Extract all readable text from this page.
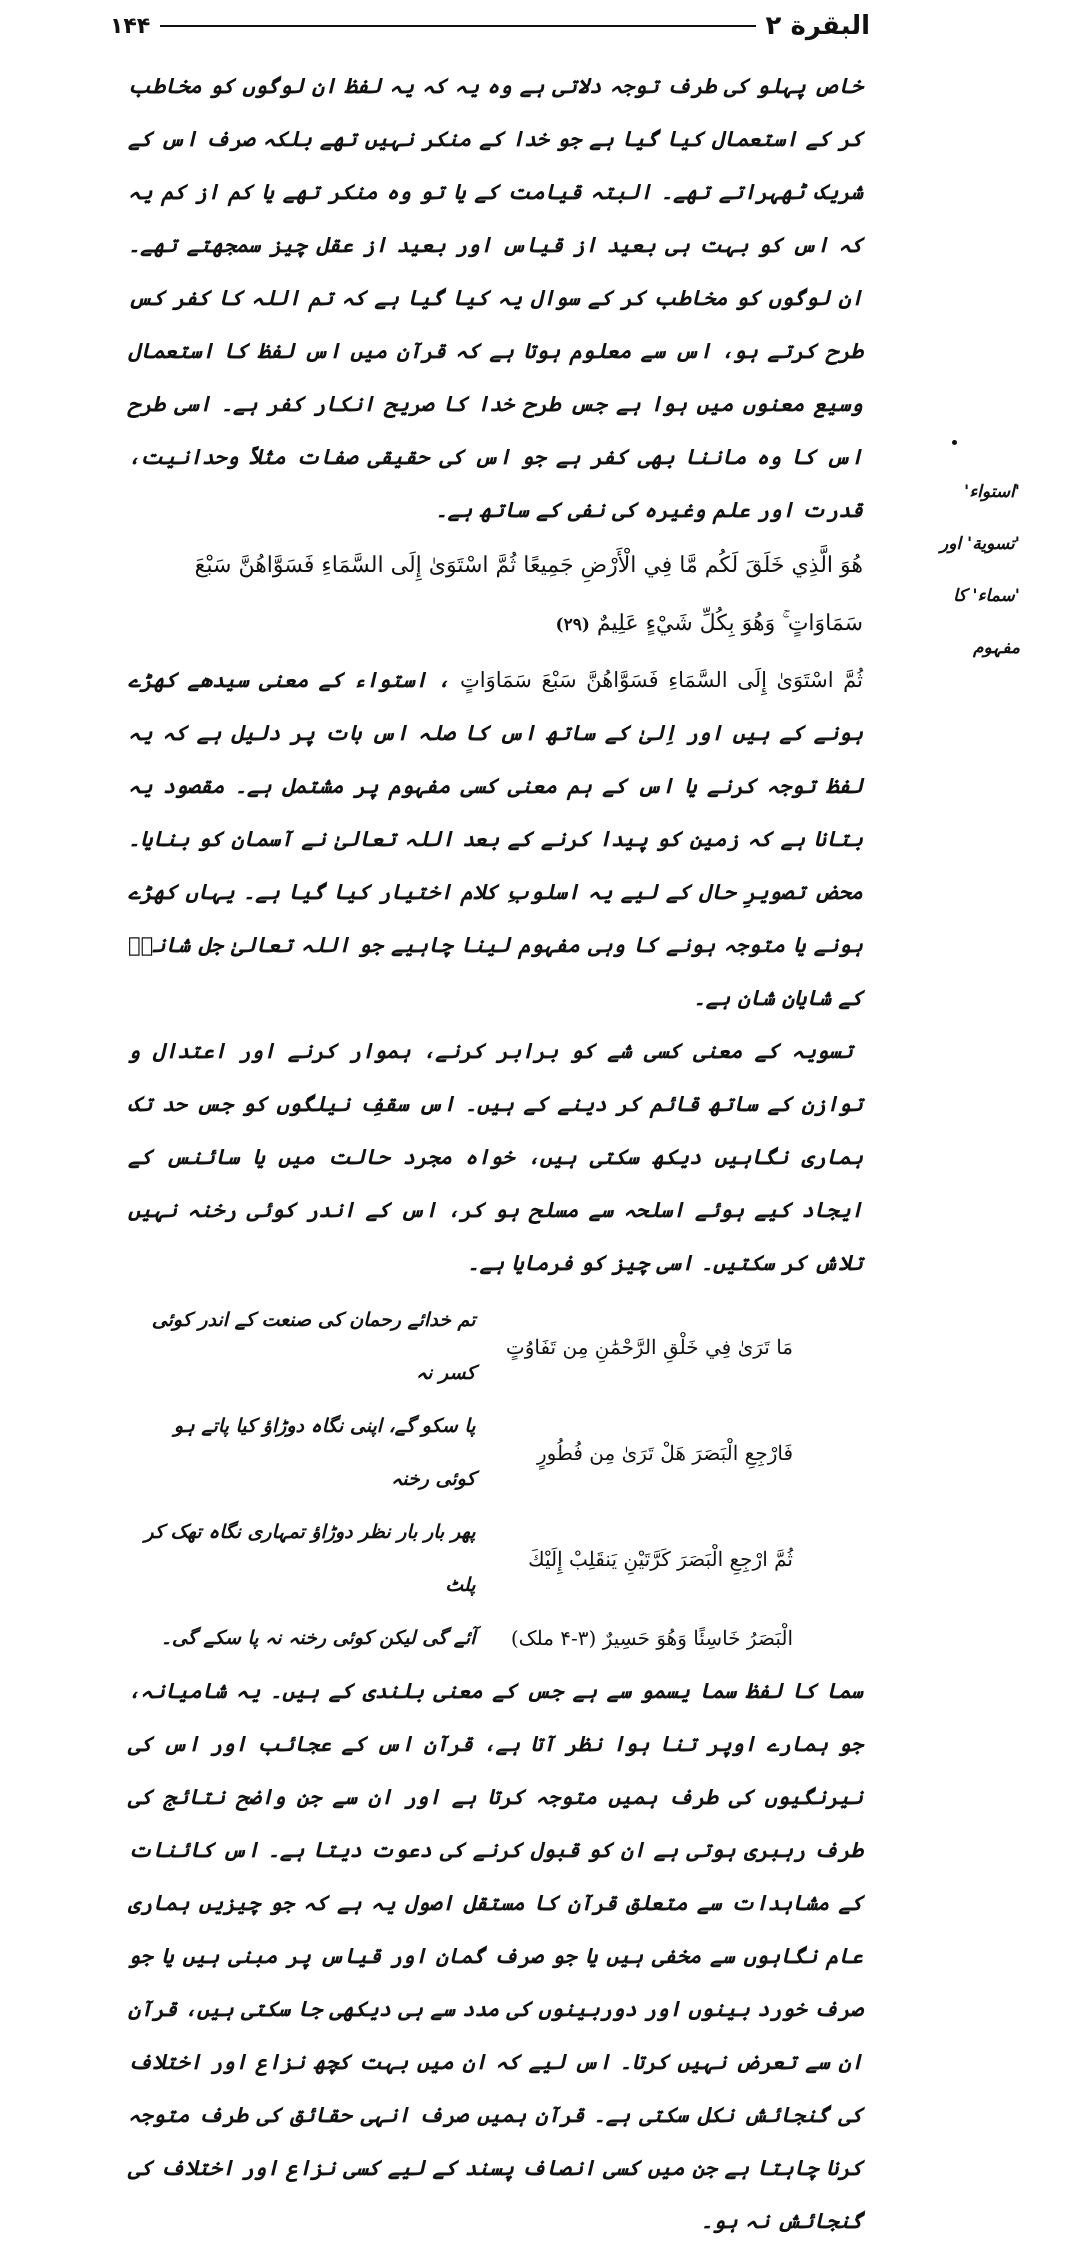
البقرة ۲
۱۴۴
'استواء'
'تسویة' اور
'سماء' کا
مفہوم

خاص پہلو کی طرف توجہ دلاتی ہے وہ یہ کہ یہ لفظ ان لوگوں کو مخاطب کر کے استعمال کیا گیا ہے جو خدا کے منکر نہیں تھے بلکہ صرف اس کے شریک ٹھہراتے تھے۔ البتہ قیامت کے یا تو وہ منکر تھے یا کم از کم یہ کہ اس کو بہت ہی بعید از قیاس اور بعید از عقل چیز سمجھتے تھے۔ ان لوگوں کو مخاطب کر کے سوال یہ کیا گیا ہے کہ تم اللہ کا کفر کس طرح کرتے ہو، اس سے معلوم ہوتا ہے کہ قرآن میں اس لفظ کا استعمال وسیع معنوں میں ہوا ہے جس طرح خدا کا صریح انکار کفر ہے۔ اسی طرح اس کا وہ ماننا بھی کفر ہے جو اس کی حقیقی صفات مثلاً وحدانیت، قدرت اور علم وغیرہ کی نفی کے ساتھ ہے۔

هُوَ الَّذِي خَلَقَ لَكُم مَّا فِي الْأَرْضِ جَمِيعًا ثُمَّ اسْتَوَىٰ إِلَى السَّمَاءِ فَسَوَّاهُنَّ سَبْعَ سَمَاوَاتٍ ۚ وَهُوَ بِكُلِّ شَيْءٍ عَلِيمٌ (۲۹)

ثُمَّ اسْتَوَىٰ إِلَى السَّمَاءِ فَسَوَّاهُنَّ سَبْعَ سَمَاوَاتٍ ، استواء کے معنی سیدھے کھڑے ہونے کے ہیں اور اِلیٰ کے ساتھ اس کا صلہ اس بات پر دلیل ہے کہ یہ لفظ توجہ کرنے یا اس کے ہم معنی کسی مفہوم پر مشتمل ہے۔ مقصود یہ بتانا ہے کہ زمین کو پیدا کرنے کے بعد اللہ تعالیٰ نے آسمان کو بنایا۔ محض تصویرِ حال کے لیے یہ اسلوبِ کلام اختیار کیا گیا ہے۔ یہاں کھڑے ہونے یا متوجہ ہونے کا وہی مفہوم لینا چاہیے جو اللہ تعالیٰ جل شانہٗ کے شایانِ شان ہے۔

تسویہ کے معنی کسی شے کو برابر کرنے، ہموار کرنے اور اعتدال و توازن کے ساتھ قائم کر دینے کے ہیں۔ اس سقفِ نیلگوں کو جس حد تک ہماری نگاہیں دیکھ سکتی ہیں، خواہ مجرد حالت میں یا سائنس کے ایجاد کیے ہوئے اسلحہ سے مسلح ہو کر، اس کے اندر کوئی رخنہ نہیں تلاش کر سکتیں۔ اسی چیز کو فرمایا ہے۔

مَا تَرَىٰ فِي خَلْقِ الرَّحْمَٰنِ مِن تَفَاوُتٍ	تم خدائے رحمان کی صنعت کے اندر کوئی کسر نہ
فَارْجِعِ الْبَصَرَ هَلْ تَرَىٰ مِن فُطُورٍ	پا سکو گے، اپنی نگاہ دوڑاؤ کیا پاتے ہو کوئی رخنہ
ثُمَّ ارْجِعِ الْبَصَرَ كَرَّتَيْنِ يَنقَلِبْ إِلَيْكَ	پھر بار بار نظر دوڑاؤ تمہاری نگاہ تھک کر پلٹ
الْبَصَرُ خَاسِئًا وَهُوَ حَسِيرٌ (۳-۴ ملک)	آئے گی لیکن کوئی رخنہ نہ پا سکے گی۔

سما کا لفظ سما یسمو سے ہے جس کے معنی بلندی کے ہیں۔ یہ شامیانہ، جو ہمارے اوپر تنا ہوا نظر آتا ہے، قرآن اس کے عجائب اور اس کی نیرنگیوں کی طرف ہمیں متوجہ کرتا ہے اور ان سے جن واضح نتائج کی طرف رہبری ہوتی ہے ان کو قبول کرنے کی دعوت دیتا ہے۔ اس کائنات کے مشاہدات سے متعلق قرآن کا مستقل اصول یہ ہے کہ جو چیزیں ہماری عام نگاہوں سے مخفی ہیں یا جو صرف گمان اور قیاس پر مبنی ہیں یا جو صرف خورد بینوں اور دوربینوں کی مدد سے ہی دیکھی جا سکتی ہیں، قرآن ان سے تعرض نہیں کرتا۔ اس لیے کہ ان میں بہت کچھ نزاع اور اختلاف کی گنجائش نکل سکتی ہے۔ قرآن ہمیں صرف انہی حقائق کی طرف متوجہ کرنا چاہتا ہے جن میں کسی انصاف پسند کے لیے کسی نزاع اور اختلاف کی گنجائش نہ ہو۔
